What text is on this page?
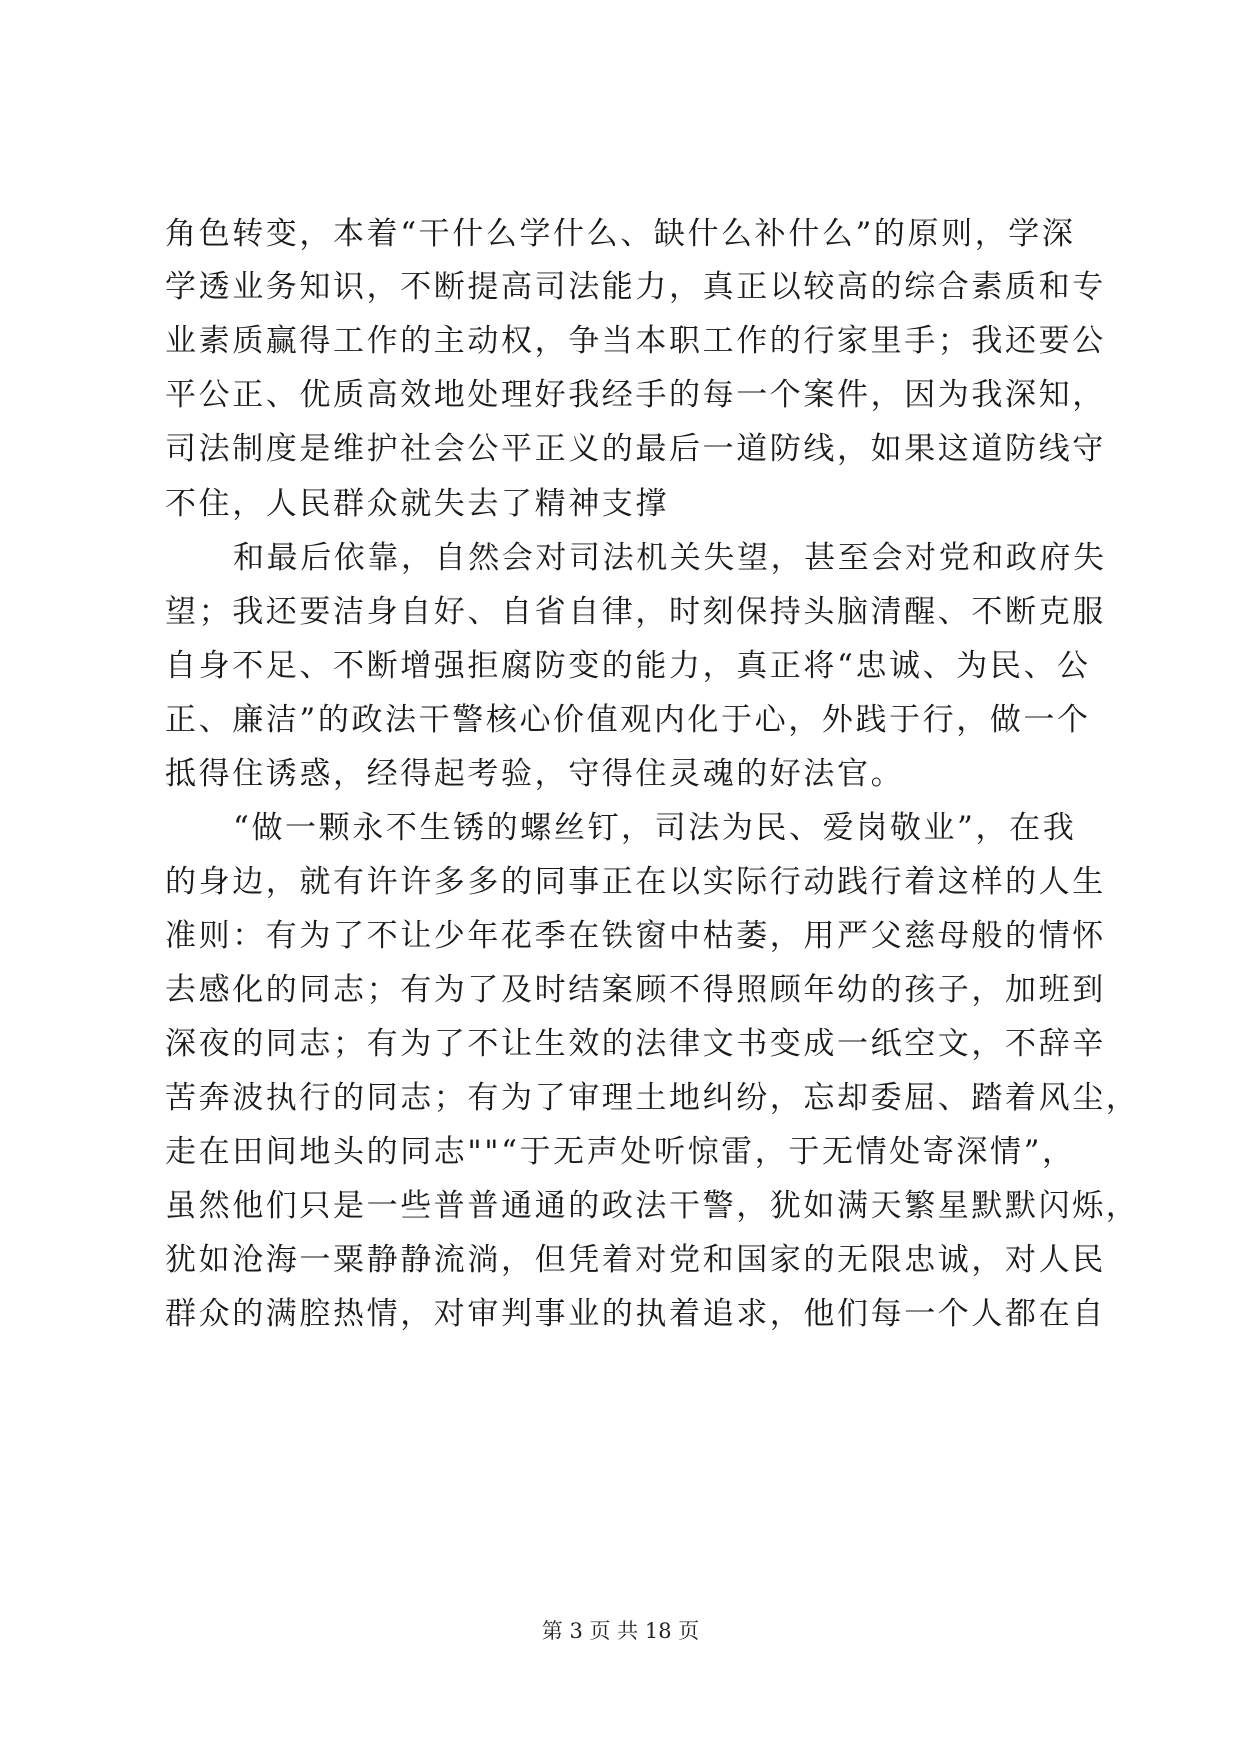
角色转变，本着“干什么学什么、缺什么补什么”的原则，学深
学透业务知识，不断提高司法能力，真正以较高的综合素质和专
业素质赢得工作的主动权，争当本职工作的行家里手；我还要公
平公正、优质高效地处理好我经手的每一个案件，因为我深知，
司法制度是维护社会公平正义的最后一道防线，如果这道防线守
不住，人民群众就失去了精神支撑
和最后依靠，自然会对司法机关失望，甚至会对党和政府失
望；我还要洁身自好、自省自律，时刻保持头脑清醒、不断克服
自身不足、不断增强拒腐防变的能力，真正将“忠诚、为民、公
正、廉洁”的政法干警核心价值观内化于心，外践于行，做一个
抵得住诱惑，经得起考验，守得住灵魂的好法官。
“做一颗永不生锈的螺丝钉，司法为民、爱岗敬业”，在我
的身边，就有许许多多的同事正在以实际行动践行着这样的人生
准则：有为了不让少年花季在铁窗中枯萎，用严父慈母般的情怀
去感化的同志；有为了及时结案顾不得照顾年幼的孩子，加班到
深夜的同志；有为了不让生效的法律文书变成一纸空文，不辞辛
苦奔波执行的同志；有为了审理土地纠纷，忘却委屈、踏着风尘，
走在田间地头的同志""“于无声处听惊雷，于无情处寄深情”，
虽然他们只是一些普普通通的政法干警，犹如满天繁星默默闪烁，
犹如沧海一粟静静流淌，但凭着对党和国家的无限忠诚，对人民
群众的满腔热情，对审判事业的执着追求，他们每一个人都在自
第 3 页 共 18 页
